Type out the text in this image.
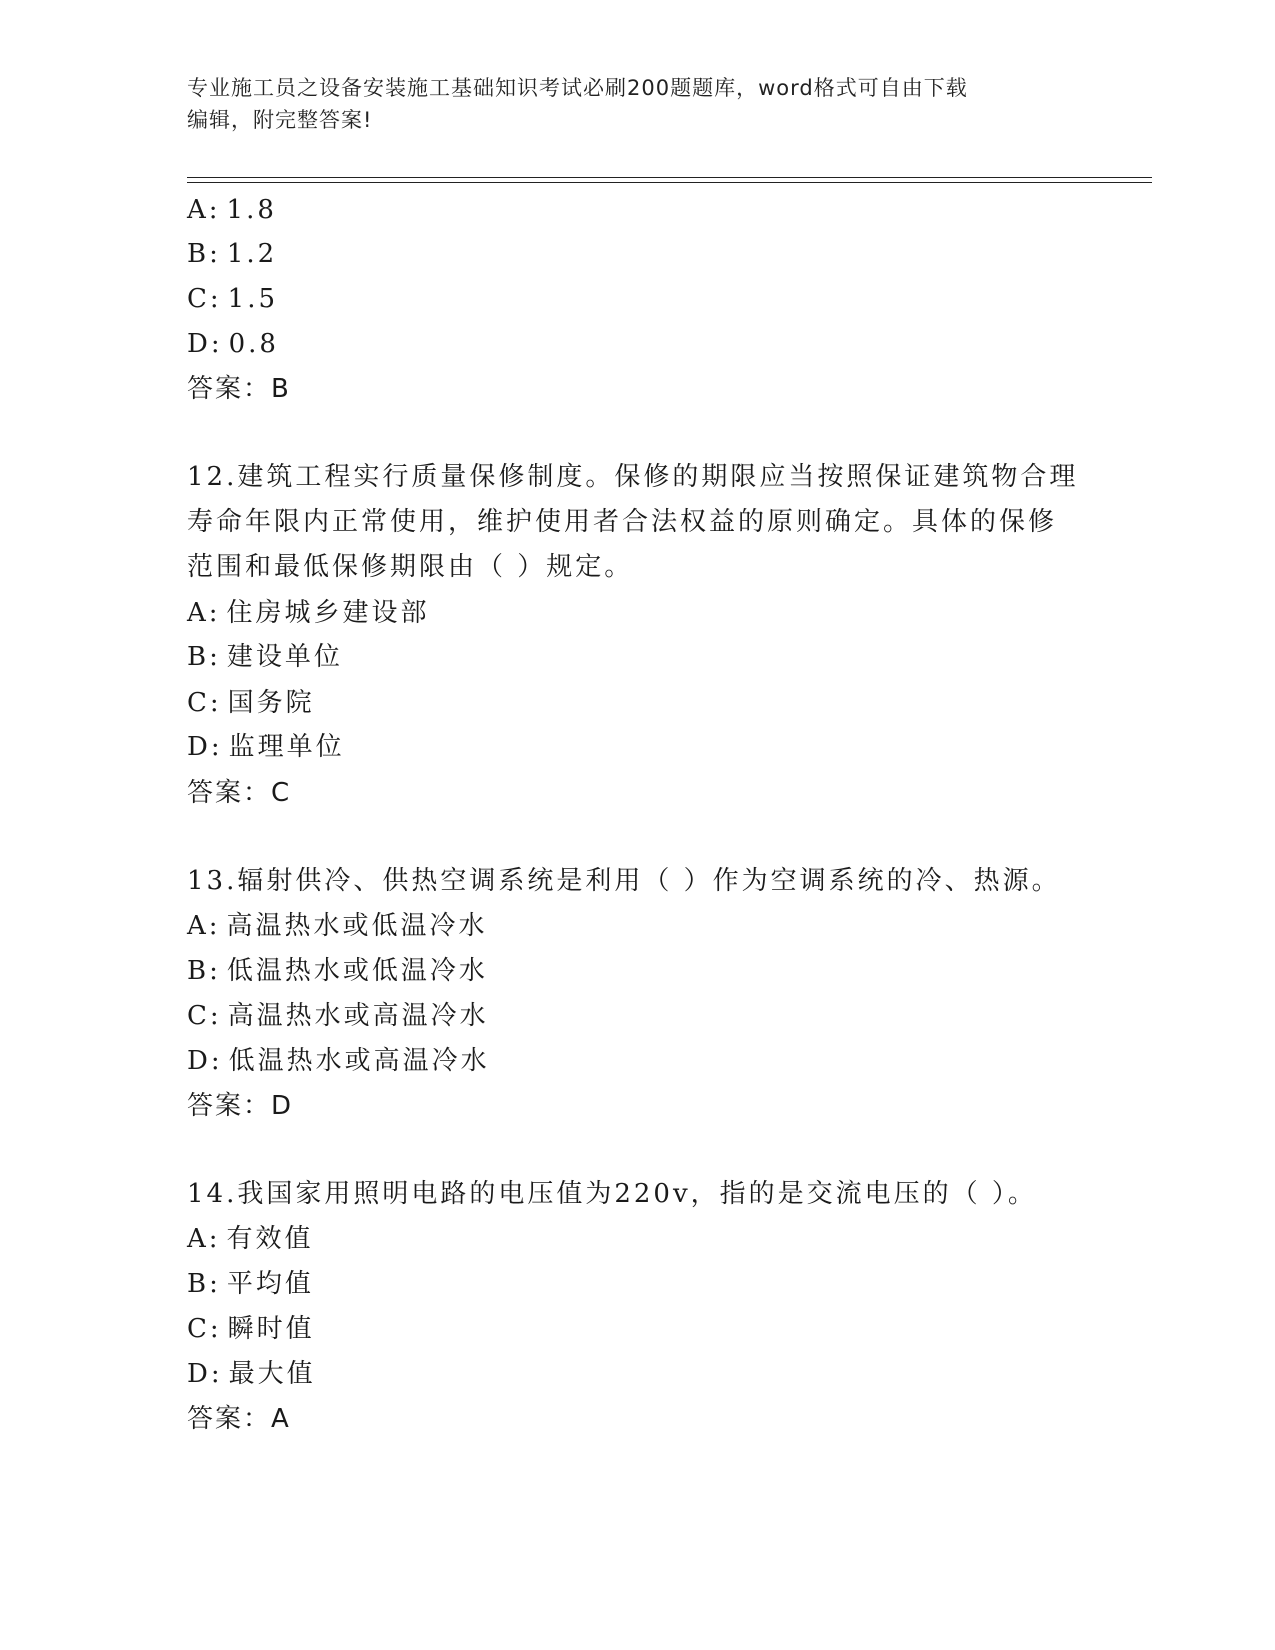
专业施工员之设备安装施工基础知识考试必刷200题题库，word格式可自由下载
编辑，附完整答案!
A: 1.8
B: 1.2
C: 1.5
D: 0.8
答案：B
12.建筑工程实行质量保修制度。保修的期限应当按照保证建筑物合理
寿命年限内正常使用，维护使用者合法权益的原则确定。具体的保修
范围和最低保修期限由（ ）规定。
A: 住房城乡建设部
B: 建设单位
C: 国务院
D: 监理单位
答案：C
13.辐射供冷、供热空调系统是利用（ ）作为空调系统的冷、热源。
A: 高温热水或低温冷水
B: 低温热水或低温冷水
C: 高温热水或高温冷水
D: 低温热水或高温冷水
答案：D
14.我国家用照明电路的电压值为220v，指的是交流电压的（ ）。
A: 有效值
B: 平均值
C: 瞬时值
D: 最大值
答案：A
